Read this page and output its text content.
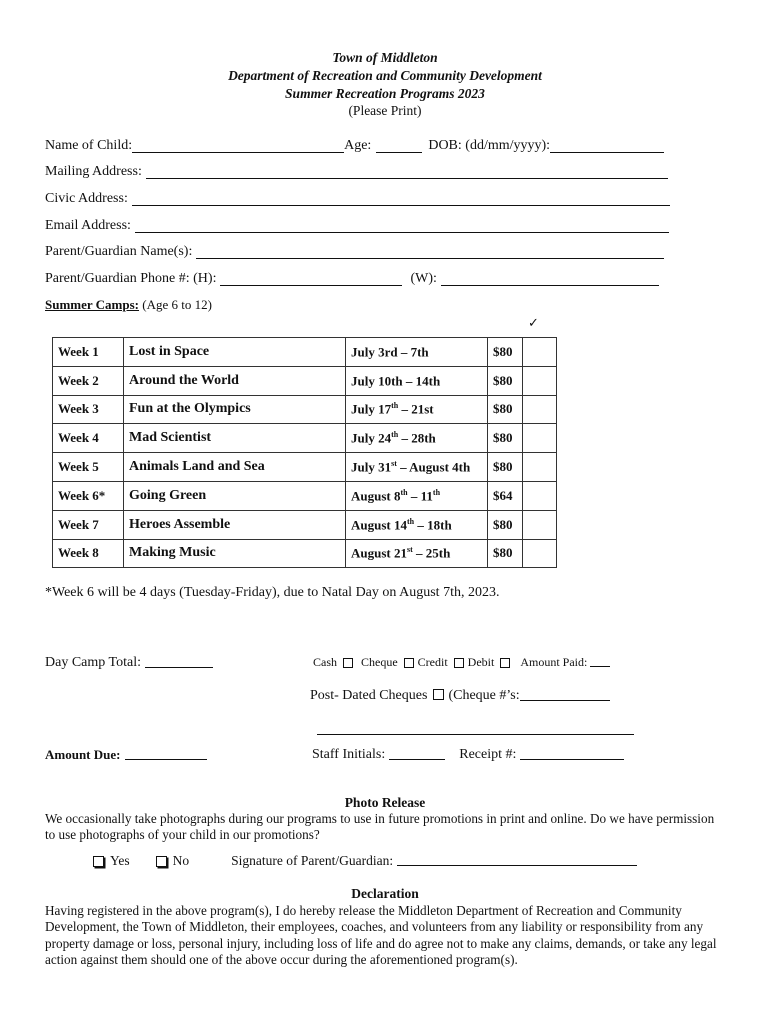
Town of Middleton
Department of Recreation and Community Development
Summer Recreation Programs 2023
(Please Print)
Name of Child:	Age:	DOB: (dd/mm/yyyy):
Mailing Address:
Civic Address:
Email Address:
Parent/Guardian Name(s):
Parent/Guardian Phone #: (H):	(W):
Summer Camps: (Age 6 to 12)
✓
Week 1	Lost in Space	July 3rd – 7th	$80	
Week 2	Around the World	July 10th – 14th	$80	
Week 3	Fun at the Olympics	July 17th – 21st	$80	
Week 4	Mad Scientist	July 24th – 28th	$80	
Week 5	Animals Land and Sea	July 31st – August 4th	$80	
Week 6*	Going Green	August 8th – 11th	$64	
Week 7	Heroes Assemble	August 14th – 18th	$80	
Week 8	Making Music	August 21st – 25th	$80	
*Week 6 will be 4 days (Tuesday-Friday), due to Natal Day on August 7th, 2023.
Day Camp Total:	Cash Cheque Credit Debit Amount Paid:
Post- Dated Cheques (Cheque #’s:
Amount Due:	Staff Initials:	Receipt #:
Photo Release
We occasionally take photographs during our programs to use in future promotions in print and online. Do we have permission to use photographs of your child in our promotions?
Yes	No	Signature of Parent/Guardian:
Declaration
Having registered in the above program(s), I do hereby release the Middleton Department of Recreation and Community Development, the Town of Middleton, their employees, coaches, and volunteers from any liability or responsibility from any property damage or loss, personal injury, including loss of life and do agree not to make any claims, demands, or take any legal action against them should one of the above occur during the aforementioned program(s).
